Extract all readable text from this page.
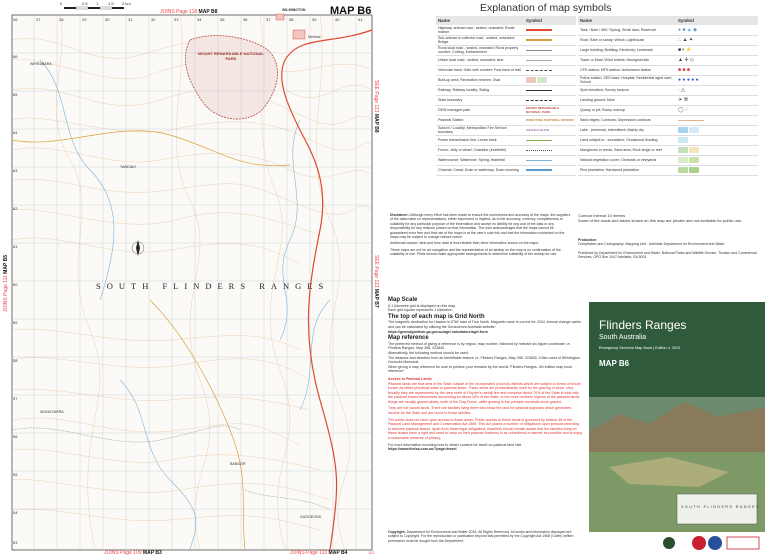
0	0.5 1 1.5 2 km
JOINS Page 118 MAP B8	WILMINGTON MAP B6
JOINS Page 111 MAP B5
SEE Page 113 MAP B8
SEE Page 113 MAP B7
JOINS Page 109 MAP B3	JOINS Page 110 MAP B4	112
SOUTH FLINDERS RANGES
MOUNT REMARKABLE NATIONAL PARK
Melrose
BANGOR
WIRRABARA
YANDIAH
WONGYARRA
GUDGEONS
26	27	28	29	30	31	32	33	34	35	36	37	38	39	40	41
66
65
64
63
62
61
60
59
58
57
56
55
54
53
Explanation of map symbols
Name	Symbol
Highway, arterial road - sealed, unsealed; Route marker	
Sub-arterial or collector road - sealed, unsealed; Bridge	
Rural local road - sealed, unsealed; Rural property number; Cutting, Embankment	
Urban local road - sealed, unsealed; lane	
Vehicular track; Gate with number; Foot track or trail	
Built-up area; Recreation reserve; Oval	
Railway; Railway locality; Siding	
State boundary	
DEW managed park	MOUNT REMARKABLE NATIONAL PARK
Pastoral Station	WOOLTANA PASTORAL STATION
Suburb / Locality; Metropolitan Fire Service boundary	URANGA WHITE
Power transmission line; Levee bank	
Fence; Jetty or wharf; Coastline (indefinite)	
Watercourse; Waterhole; Spring; Waterfall	
Channel; Canal; Drain or waterway; Drain crossing	
Name	Symbol
Tank / Bore / Mill / Spring; Small dam; Reservoir	● ■ ▲ ◆
Rock; Bare or sandy; Wreck; Lighthouse	∴ ▲ ✦
Large building; Building; Electricity; Landmark	■ ▪ ⚡
Tower or Mast; Wind turbine; Aboriginal site	▲ ✢ ◇
CFS station; MFS station; Ambulance station	■ ■ ■
Police station; SES base; Hospital; Residential aged care; School	● ● ● ● ●
Spot elevation; Survey beacon	· △
Landing ground; Mine	✈ ⚒
Quarry or pit; Rocky outcrop	◯ ◌
Sand ridges; Contours; Depression contours	
Lake - perennial, intermittent; Mainly dry	
Land subject to - inundation; Occasional flooding	
Mangroves or reeds; Sand area; Rock ledge or reef	
Natural vegetation cover; Orchards or vineyards	
Pine plantation; Hardwood plantation	

Disclaimer: Although every effort has been made to ensure the correctness and accuracy of the maps, the suppliers of the data make no representations, either expressed or implied, as to the accuracy, currency, completeness or suitability for any particular purpose of the information and accept no liability for any use of the data or any responsibility for any reliance placed on that information. The user acknowledges that the maps cannot be guaranteed error free and that use of the maps is at the user's sole risk and that the information contained on the maps may be subject to change without notice.

Additional caution: tank and bore data is less reliable than other information shown on the maps.

These maps are not for air navigation and the representation of an airstrip on the map is no confirmation of the suitability of use. Pilots should make appropriate arrangements to determine suitability of the airstrip for use.

Contour interval 10 metres

Some of the roads and tracks shown on this map are private and not available for public use.

Production

Compilation and Cartography: Mapping Unit - Adelaide Department for Environment and Water

Published by Department for Environment and Water, National Parks and Wildlife Service, Tourism and Commercial Services, GPO Box 1047 Adelaide, SA 5001

Map Scale

A 1 kilometre grid is displayed on this map.

Each grid square represents 1 kilometre.

The top of each map is Grid North

The magnetic declination for Hawker is 5°56' east of True North. Magnetic value is correct for 2024. Annual change varies and can be calculated by utilising the Geoscience Australia website:

https://geomagnetism.ga.gov.au/agrf-calculators/agrf-form

Map reference

The preferred method of giving a reference is by region, map number, followed by relevant six-figure coordinate i.e. Flinders Ranges, Map 398, 223845.

Alternatively, the following method should be used:

The distance and direction from an identifiable feature i.e. Flinders Ranges, Map 398, 223845, 5.5km west of Wilmington, Horrocks Memorial.

When giving a map reference be sure to preface your remarks by the words "Flinders Ranges, 4th edition map book reference".

Access to Pastoral Lands

Pastoral lands are that area of the State outside of the incorporated (council) districts which are subject to forms of tenure known as either perpetual lease or pastoral lease. These areas are predominantly used for the grazing of stock. Very broadly they are represented by the area north of Goyder's rainfall line and comprise about 70% of the State in total with the pastoral leases themselves accounting for about 40% of the State. In the more northern regions of the pastoral lands, things are usually grazed widely north of the Dog Fence, cattle grazing is the principle domestic stock grazed.

They are not vacant lands. There are families living there who know the land for pastoral purposes which generates income for the State and are home to those families.

The public does not have open access to these areas. Public access to these lands is governed by section 48 of the Pastoral Land Management and Conservation Act 1989. This Act places a number of obligations upon persons intending to traverse pastoral leases. Apart from these legal obligations, travellers should remain aware that the families living on these leases have a right and need to carry on their pastoral business in as unhindered a manner as possible and to enjoy a reasonable measure of privacy.

For more information including how to obtain consent for travel on pastoral land visit

https://www.thelsa.com.au/?page=travel

Copyright: Department for Environment and Water 2024. All Rights Reserved. All works and information displayed are subject to Copyright. For the reproduction or publication beyond that permitted by the Copyright Act 1968 (Cwlth) written permission must be sought from the Department.

Flinders Ranges
South Australia
Emergency Services Map Book | Edition 4, 2024
MAP B6
SOUTH FLINDERS RANGES
